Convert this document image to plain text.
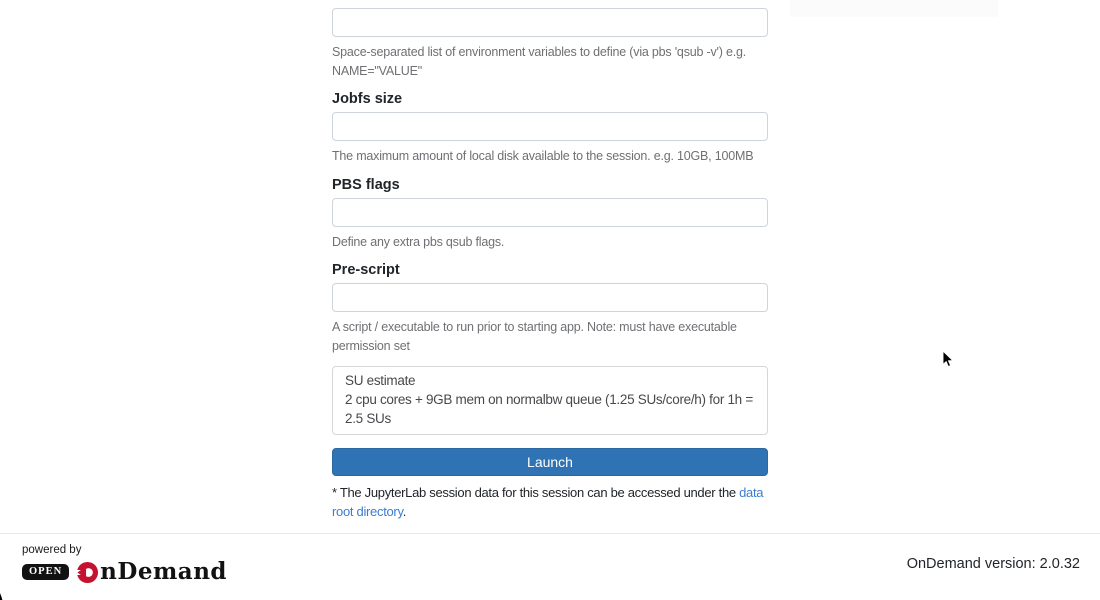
Space-separated list of environment variables to define (via pbs 'qsub -v') e.g. NAME="VALUE"
Jobfs size
The maximum amount of local disk available to the session. e.g. 10GB, 100MB
PBS flags
Define any extra pbs qsub flags.
Pre-script
A script / executable to run prior to starting app. Note: must have executable permission set
SU estimate
2 cpu cores + 9GB mem on normalbw queue (1.25 SUs/core/h) for 1h = 2.5 SUs
Launch

* The JupyterLab session data for this session can be accessed under the data root directory.

powered by
OPEN	nDemand	OnDemand version: 2.0.32
